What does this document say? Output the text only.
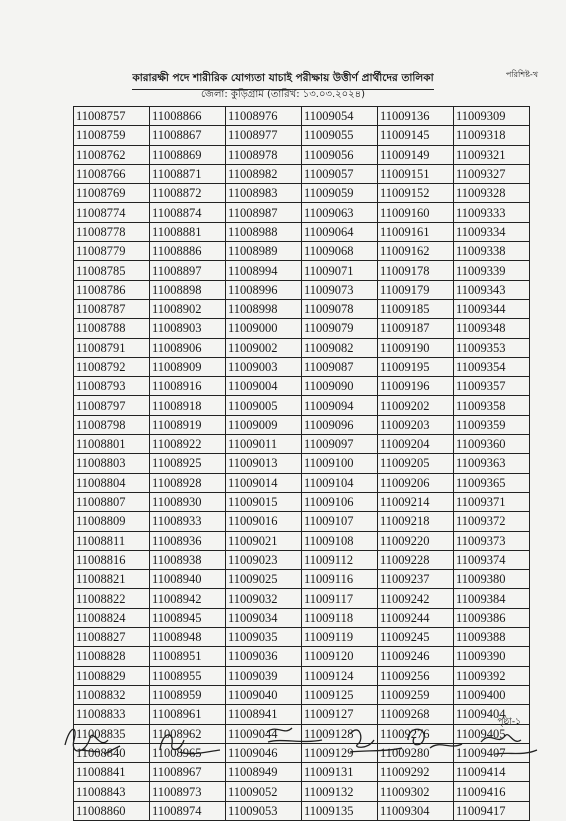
কারারক্ষী পদে শারীরিক যোগ্যতা যাচাই পরীক্ষায় উত্তীর্ণ প্রার্থীদের তালিকা	পরিশিষ্ট-খ
জেলা: কুড়িগ্রাম (তারিখ: ১৩.০৩.২০২৪)
11008757	11008866	11008976	11009054	11009136	11009309
11008759	11008867	11008977	11009055	11009145	11009318
11008762	11008869	11008978	11009056	11009149	11009321
11008766	11008871	11008982	11009057	11009151	11009327
11008769	11008872	11008983	11009059	11009152	11009328
11008774	11008874	11008987	11009063	11009160	11009333
11008778	11008881	11008988	11009064	11009161	11009334
11008779	11008886	11008989	11009068	11009162	11009338
11008785	11008897	11008994	11009071	11009178	11009339
11008786	11008898	11008996	11009073	11009179	11009343
11008787	11008902	11008998	11009078	11009185	11009344
11008788	11008903	11009000	11009079	11009187	11009348
11008791	11008906	11009002	11009082	11009190	11009353
11008792	11008909	11009003	11009087	11009195	11009354
11008793	11008916	11009004	11009090	11009196	11009357
11008797	11008918	11009005	11009094	11009202	11009358
11008798	11008919	11009009	11009096	11009203	11009359
11008801	11008922	11009011	11009097	11009204	11009360
11008803	11008925	11009013	11009100	11009205	11009363
11008804	11008928	11009014	11009104	11009206	11009365
11008807	11008930	11009015	11009106	11009214	11009371
11008809	11008933	11009016	11009107	11009218	11009372
11008811	11008936	11009021	11009108	11009220	11009373
11008816	11008938	11009023	11009112	11009228	11009374
11008821	11008940	11009025	11009116	11009237	11009380
11008822	11008942	11009032	11009117	11009242	11009384
11008824	11008945	11009034	11009118	11009244	11009386
11008827	11008948	11009035	11009119	11009245	11009388
11008828	11008951	11009036	11009120	11009246	11009390
11008829	11008955	11009039	11009124	11009256	11009392
11008832	11008959	11009040	11009125	11009259	11009400
11008833	11008961	11008941	11009127	11009268	11009404
11008835	11008962	11009044	11009128	11009276	11009405
11008840	11008965	11009046	11009129	11009280	11009407
11008841	11008967	11008949	11009131	11009292	11009414
11008843	11008973	11009052	11009132	11009302	11009416
11008860	11008974	11009053	11009135	11009304	11009417
পৃষ্ঠা-১
